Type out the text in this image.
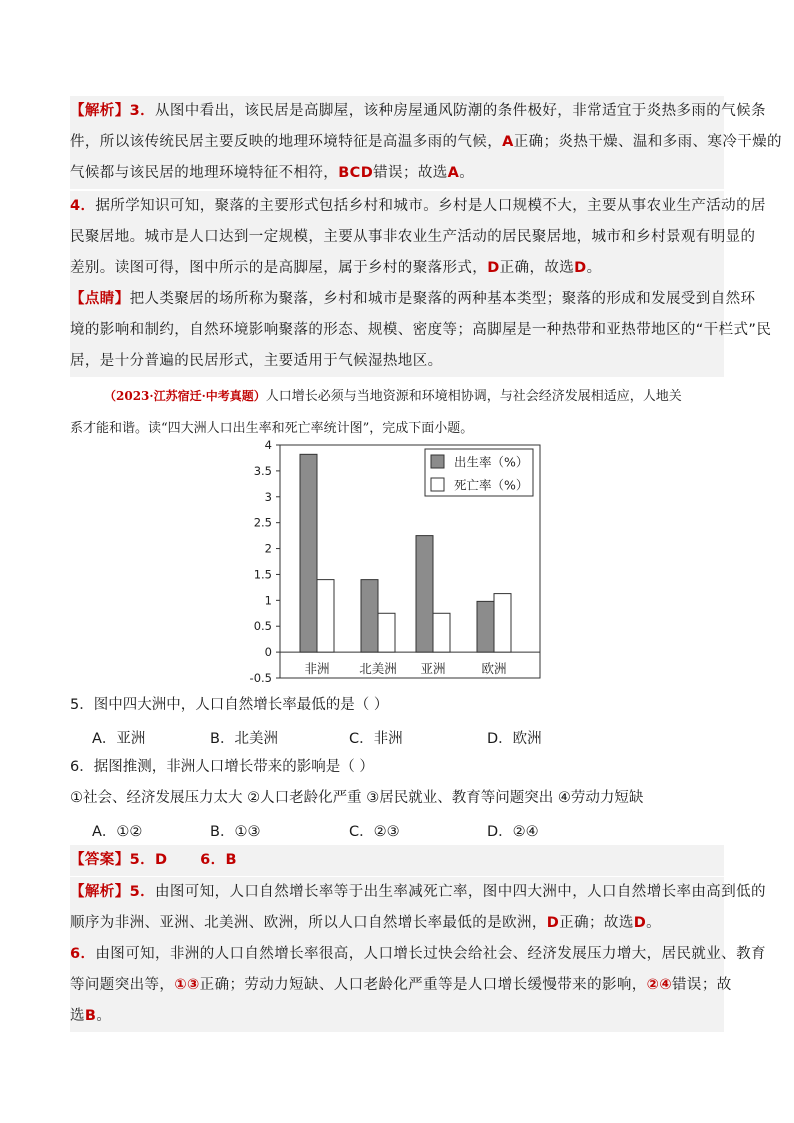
【解析】3．从图中看出，该民居是高脚屋，该种房屋通风防潮的条件极好，非常适宜于炎热多雨的气候条
件，所以该传统民居主要反映的地理环境特征是高温多雨的气候，A正确；炎热干燥、温和多雨、寒冷干燥的
气候都与该民居的地理环境特征不相符，BCD错误；故选A。
4．据所学知识可知，聚落的主要形式包括乡村和城市。乡村是人口规模不大，主要从事农业生产活动的居
民聚居地。城市是人口达到一定规模，主要从事非农业生产活动的居民聚居地，城市和乡村景观有明显的
差别。读图可得，图中所示的是高脚屋，属于乡村的聚落形式，D正确，故选D。
【点睛】把人类聚居的场所称为聚落，乡村和城市是聚落的两种基本类型；聚落的形成和发展受到自然环
境的影响和制约，自然环境影响聚落的形态、规模、密度等；高脚屋是一种热带和亚热带地区的“干栏式”民
居，是十分普遍的民居形式，主要适用于气候湿热地区。
（2023·江苏宿迁·中考真题）人口增长必须与当地资源和环境相协调，与社会经济发展相适应，人地关
系才能和谐。读“四大洲人口出生率和死亡率统计图”，完成下面小题。
4
3.5
3
2.5
2
1.5
1
0.5
0
-0.5
非洲 北美洲 亚洲	欧洲
出生率（%）
死亡率（%）
5．图中四大洲中，人口自然增长率最低的是（ ）
A．亚洲	B．北美洲	C．非洲	D．欧洲
6．据图推测，非洲人口增长带来的影响是（ ）
①社会、经济发展压力太大 ②人口老龄化严重 ③居民就业、教育等问题突出 ④劳动力短缺
A．①②	B．①③	C．②③	D．②④
【答案】5．D      6．B
【解析】5．由图可知，人口自然增长率等于出生率减死亡率，图中四大洲中，人口自然增长率由高到低的
顺序为非洲、亚洲、北美洲、欧洲，所以人口自然增长率最低的是欧洲，D正确；故选D。
6．由图可知，非洲的人口自然增长率很高，人口增长过快会给社会、经济发展压力增大，居民就业、教育
等问题突出等，①③正确；劳动力短缺、人口老龄化严重等是人口增长缓慢带来的影响，②④错误；故
选B。
